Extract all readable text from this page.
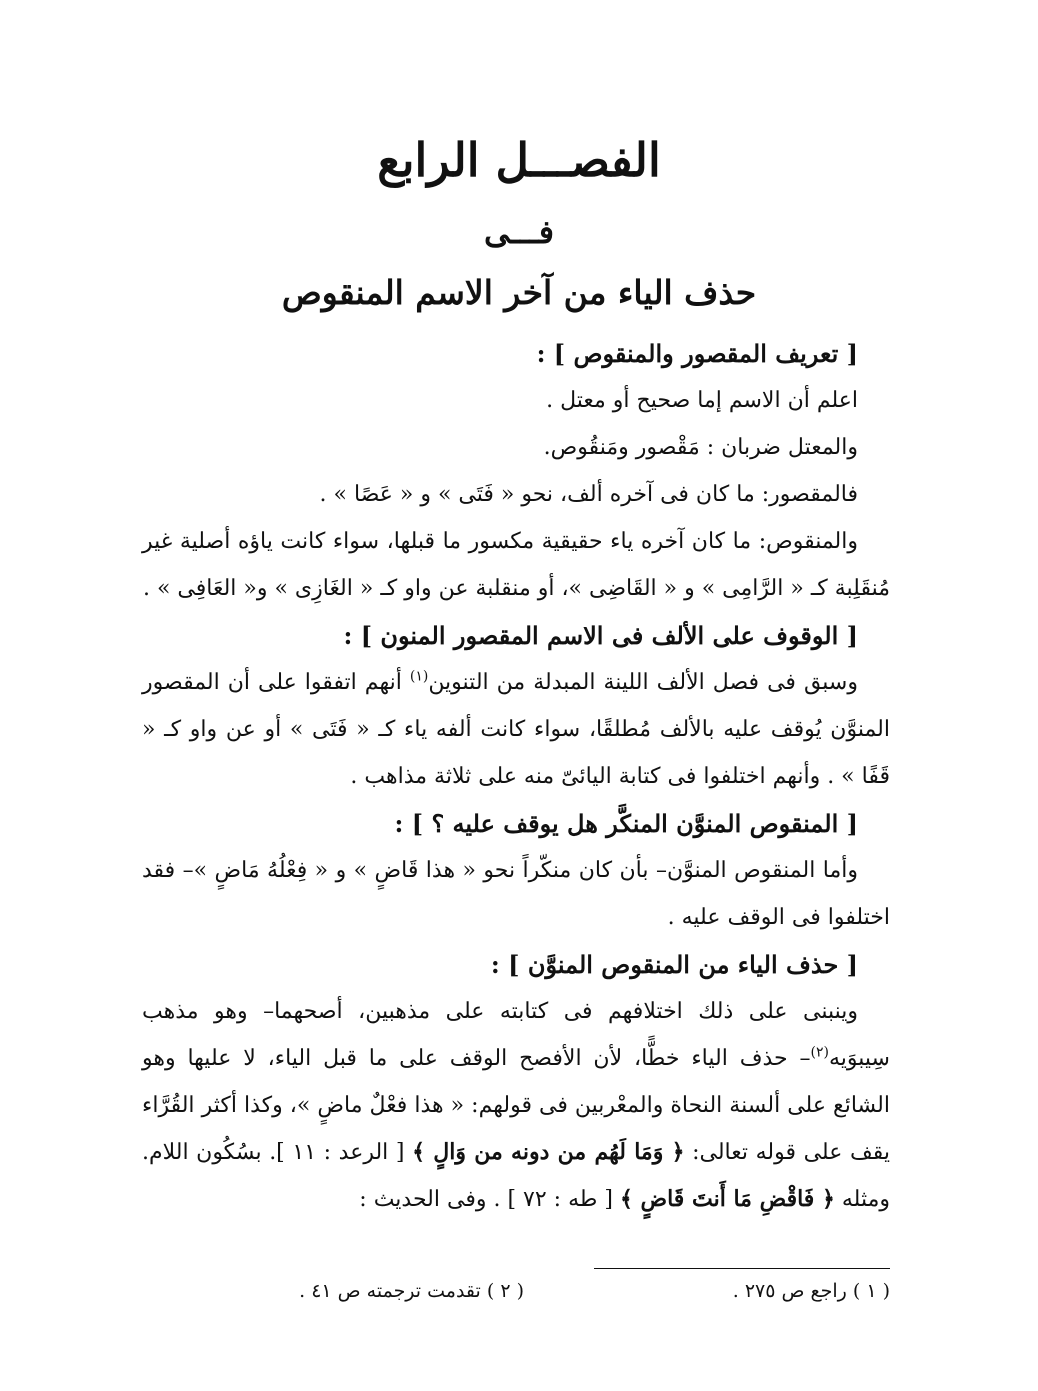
الفصـــل الرابع
فـــى
حذف الياء من آخر الاسم المنقوص

[ تعريف المقصور والمنقوص ] :

اعلم أن الاسم إما صحيح أو معتل .

والمعتل ضربان : مَقْصور ومَنقُوص.

فالمقصور: ما كان فى آخره ألف، نحو « فَتَى » و « عَصًا » .

والمنقوص: ما كان آخره ياء حقيقية مكسور ما قبلها، سواء كانت ياؤه أصلية غير مُنقَلِبة كـ « الرَّامِى » و « القَاضِى »، أو منقلبة عن واو كـ « الغَازِى » و« العَافِى » .

[ الوقوف على الألف فى الاسم المقصور المنون ] :

وسبق فى فصل الألف اللينة المبدلة من التنوين$^{(١)}$ أنهم اتفقوا على أن المقصور المنوَّن يُوقف عليه بالألف مُطلقًا، سواء كانت ألفه ياء كـ « فَتَى » أو عن واو كـ « قَفًا » . وأنهم اختلفوا فى كتابة اليائىّ منه على ثلاثة مذاهب .

[ المنقوص المنوَّن المنكَّر هل يوقف عليه ؟ ] :

وأما المنقوص المنوَّن– بأن كان منكّراً نحو « هذا قَاضٍ » و « فِعْلُهُ مَاضٍ »– فقد اختلفوا فى الوقف عليه .

[ حذف الياء من المنقوص المنوَّن ] :

وينبنى على ذلك اختلافهم فى كتابته على مذهبين، أصحهما– وهو مذهب سِيبوَيه$^{(٢)}$– حذف الياء خطًّا، لأن الأفصح الوقف على ما قبل الياء، لا عليها وهو الشائع على ألسنة النحاة والمعْربين فى قولهم: « هذا فعْلٌ ماضٍ »، وكذا أكثر القُرَّاء يقف على قوله تعالى: ﴿ وَمَا لَهُم من دونه من وَالٍ ﴾ [ الرعد : ١١ ]. بسُكُون اللام. ومثله ﴿ فَاقْضِ مَا أَنتَ قَاضٍ ﴾ [ طه : ٧٢ ] . وفى الحديث :

( ١ ) راجع ص ٢٧٥ .
( ٢ ) تقدمت ترجمته ص ٤١ .
